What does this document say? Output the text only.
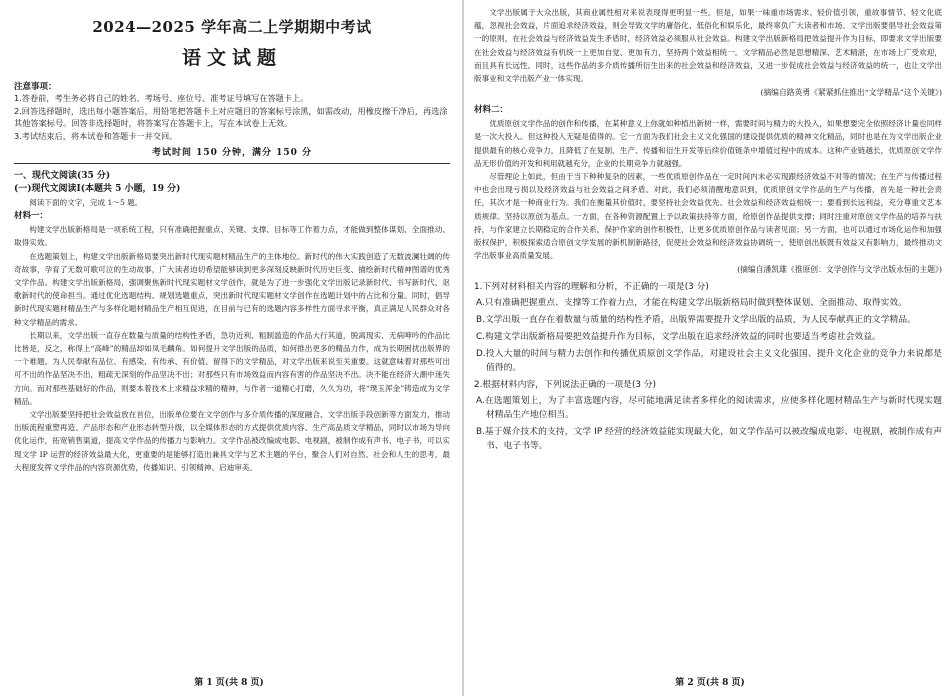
2024—2025 学年高二上学期期中考试
语文试题
注意事项：
1.答卷前，考生务必将自己的姓名、考场号、座位号、准考证号填写在答题卡上。
2.回答选择题时，选出每小题答案后，用铅笔把答题卡上对应题目的答案标号涂黑，如需改动，用橡皮擦干净后，再选涂其他答案标号。回答非选择题时，将答案写在答题卡上，写在本试卷上无效。
3.考试结束后，将本试卷和答题卡一并交回。
考试时间 150 分钟，满分 150 分
一、现代文阅读(35 分)
(一)现代文阅读Ⅰ(本题共 5 小题，19 分)

阅读下面的文字，完成 1～5 题。

材料一：

构建文学出版新格局是一项系统工程，只有准确把握重点、关键、支撑、目标等工作着力点，才能做到整体谋划、全面推动、取得实效。

在选题策划上，构建文学出版新格局要突出新时代现实题材精品生产的主体地位。新时代的伟大实践创造了无数波澜壮阔的传奇故事，孕育了无数可歌可泣的生动故事，广大读者迫切希望能够读到更多深刻反映新时代历史巨变、描绘新时代精神图谱的优秀文学作品。构建文学出版新格局，强调聚焦新时代现实题材文学创作，就是为了进一步强化文学出版记录新时代、书写新时代、讴歌新时代的使命担当。通过优化选题结构、规划选题重点，突出新时代现实题材文学创作在选题计划中的占比和分量。同时，倡导新时代现实题材精品生产与多样化题材精品生产相互促进，在目前与已有的选题内容多样性方面寻求平衡，真正满足人民群众对各种文学精品的需求。

长期以来，文学出版一直存在数量与质量的结构性矛盾，急功近利、粗制滥造的作品大行其道，脱离现实、无病呻吟的作品比比皆是，反之，称得上“高峰”的精品却如凤毛麟角。如何提升文学出版的品质，如何推出更多的精品力作，成为长期困扰出版界的一个难题。为人民奉献有品位、有感染、有传承、有价值、留得下的文学精品，对文学出版来说至关重要。这就意味着对那些可出可不出的作品坚决不出，粗疏无深刻的作品坚决不出；对那些只有市场效益而内容有害的作品坚决不出。决不能在经济大潮中迷失方向。而对那些基础好的作品，则要本着技术上求精益求精的精神，与作者一道精心打磨，久久为功，将“璞玉浑金”铸造成为文学精品。

文学出版要坚持把社会效益放在首位，出版单位要在文学创作与多介质传播的深度融合、文学出版手段创新等方面发力，推动出版流程重塑再造、产品形态和产业形态转型升级，以全媒体形态的方式提供优质内容、生产高品质文学精品，同时以市场为导向优化运作，拓宽销售渠道，提高文学作品的传播力与影响力。文学作品被改编成电影、电视剧，被制作成有声书、电子书，可以实现文学 IP 运营的经济效益最大化，更重要的是能够打造出兼具文学与艺术主题的平台，聚合人们对自然、社会和人生的思考，最大程度发挥文学作品的内容资源优势，传播知识、引领精神、启迪审美。

第 1 页(共 8 页)

文学出版属于大众出版，其商业属性相对来说表现得更明显一些。但是，如果一味重市场需求、轻价值引领，重故事情节、轻文化底蕴，忽视社会效益，片面追求经济效益，则会导致文学的庸俗化、低俗化和娱乐化，最终辜负广大读者和市场。文学出版要倡导社会效益第一的原则，在社会效益与经济效益发生矛盾时，经济效益必须服从社会效益。构建文学出版新格局把效益提升作为目标，即要求文学出版要在社会效益与经济效益有机统一上更加自觉、更加有力，坚持两个效益相统一。文学精品必然是思想精深、艺术精湛，在市场上广受欢迎，而且具有长远性。同时，这些作品的多介质传播所衍生出来的社会效益和经济效益，又进一步促成社会效益与经济效益的统一，也让文学出版事业和文学出版产业一体实现。

(摘编自路英勇《紧紧抓住推出“文学精品”这个关键》)
材料二：

优质原创文学作品的创作和传播，在某种意义上你就如种植出新树一样，需要时间与精力的大投入，如果想要完全依照经济计量也同样是一次大投入。但这种投入无疑是值得的。它一方面为我们社会主义文化强国的建设提供优质的精神文化精品，同时也是在为文学出版企业提供最有的核心竞争力，且降低了在复制、生产、传播和衍生开发等后续价值链条中增值过程中的成本。这种产业链越长，优质原创文学作品无形价值的开发和利用就越充分，企业的长期竞争力就越强。

尽管理论上如此，但由于当下种种复杂的因素，一些优质原创作品在一定时间内未必实现跟经济效益不对等的情况；在生产与传播过程中也会出现亏损以及经济效益与社会效益之间矛盾。对此，我们必须清醒地意识到，优质原创文学作品的生产与传播，首先是一种社会责任，其次才是一种商业行为。我们在衡量其价值时，要坚持社会效益优先、社会效益和经济效益相统一；要看到长远利益，充分尊重文艺本质规律。坚持以原创为基点。一方面，在各种资源配置上予以政策扶持等方面，给原创作品提供支撑；同时注重对原创文学作品的培养与扶持，与作家建立长期稳定的合作关系，保护作家的创作积极性，让更多优质原创作品与读者见面；另一方面，也可以通过市场化运作和加强版权保护，积极探索适合原创文学发展的新机制新路径，促使社会效益和经济效益协调统一，使原创出版既有效益又有影响力，最终推动文学出版事业高质量发展。

(摘编自潘凯雄《推原创：文学创作与文学出版永恒的主题》)

1.下列对材料相关内容的理解和分析，不正确的一项是(3 分)

A.只有准确把握重点、支撑等工作着力点，才能在构建文学出版新格局时做到整体谋划、全面推动、取得实效。

B.文学出版一直存在着数量与质量的结构性矛盾，出版界需要提升文学出版的品质，为人民奉献真正的文学精品。

C.构建文学出版新格局要把效益提升作为目标，文学出版在追求经济效益的同时也要适当考虑社会效益。

D.投入大量的时间与精力去创作和传播优质原创文学作品，对建设社会主义文化强国、提升文化企业的竞争力来说都是值得的。

2.根据材料内容，下列说法正确的一项是(3 分)

A.在选题策划上，为了丰富选题内容，尽可能地满足读者多样化的阅读需求，应使多样化题材精品生产与新时代现实题材精品生产地位相当。

B.基于媒介技术的支持，文学 IP 经营的经济效益能实现最大化，如文学作品可以被改编成电影、电视剧，被制作成有声书、电子书等。

第 2 页(共 8 页)
